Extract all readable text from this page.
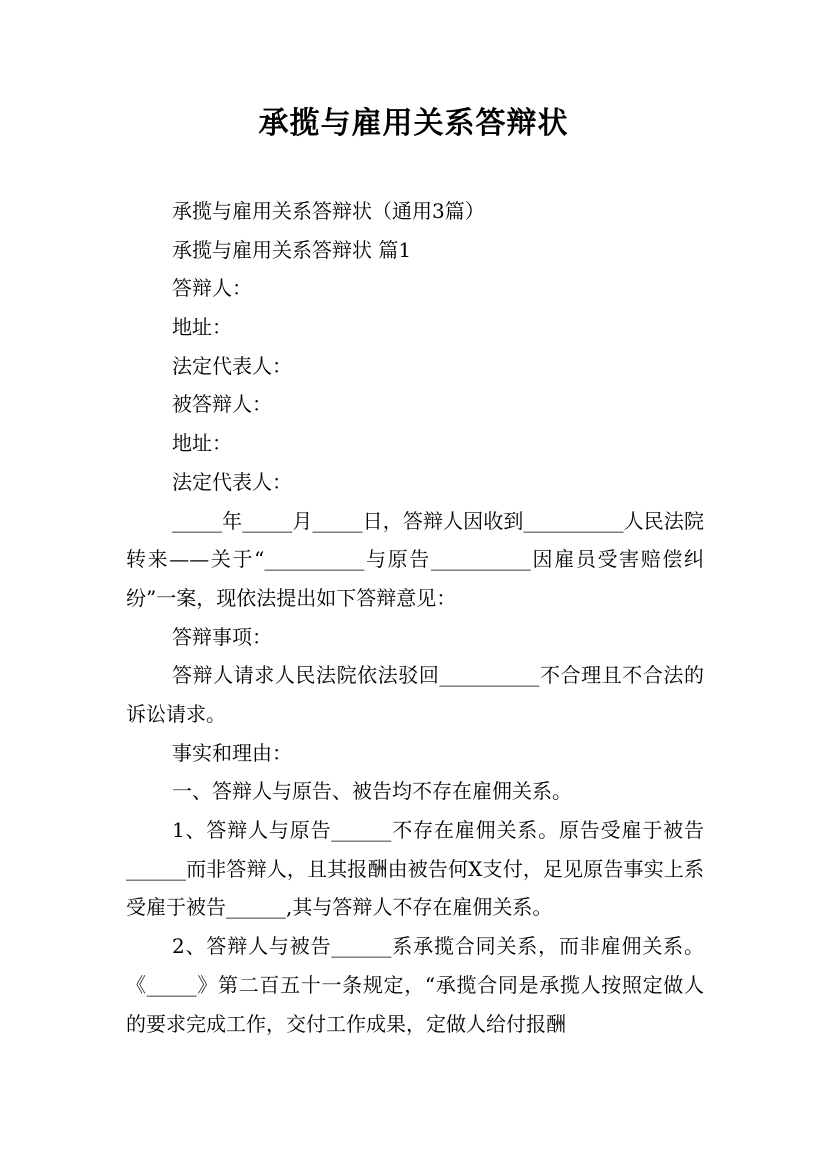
承揽与雇用关系答辩状
承揽与雇用关系答辩状（通用3篇）
承揽与雇用关系答辩状 篇1
答辩人：
地址：
法定代表人：
被答辩人：
地址：
法定代表人：

_____年_____月_____日，答辩人因收到__________人民法院转来——关于“__________与原告__________因雇员受害赔偿纠纷”一案，现依法提出如下答辩意见：

答辩事项：

答辩人请求人民法院依法驳回__________不合理且不合法的诉讼请求。

事实和理由：
一、答辩人与原告、被告均不存在雇佣关系。

1、答辩人与原告______不存在雇佣关系。原告受雇于被告______而非答辩人，且其报酬由被告何X支付，足见原告事实上系受雇于被告______,其与答辩人不存在雇佣关系。

2、答辩人与被告______系承揽合同关系，而非雇佣关系。《_____》第二百五十一条规定，“承揽合同是承揽人按照定做人的要求完成工作，交付工作成果，定做人给付报酬
